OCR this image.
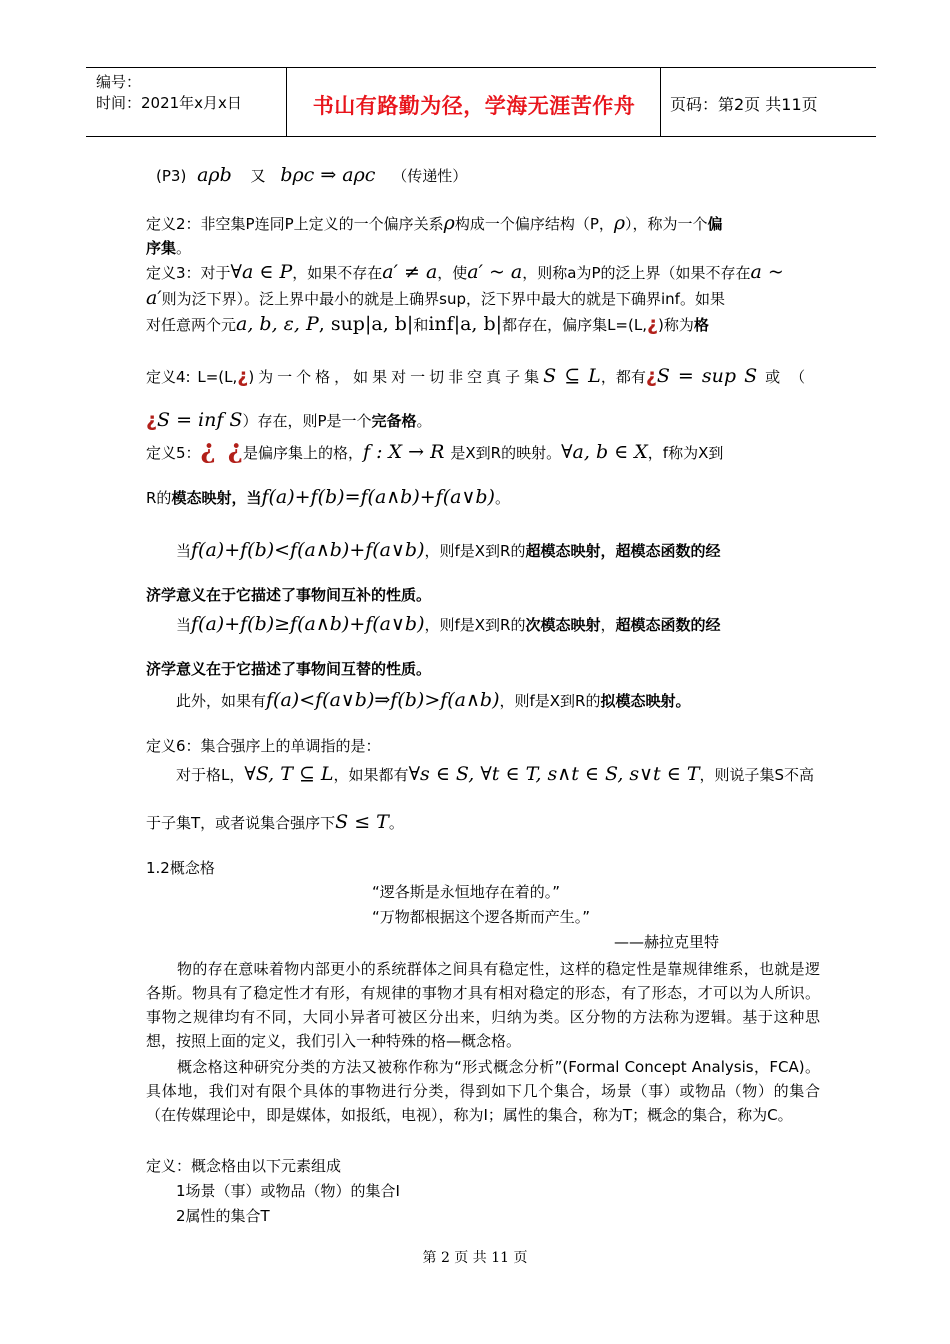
编号：
时间：2021年x月x日	书山有路勤为径，学海无涯苦作舟	页码：第2页 共11页
(P3) aρb 又 bρc ⇒ aρc （传递性）
定义2：非空集P连同P上定义的一个偏序关系ρ构成一个偏序结构（P，ρ），称为一个偏
序集。
定义3：对于∀a ∈ P，如果不存在a′ ≠ a，使a′ ~ a，则称a为P的泛上界（如果不存在a ~
a′则为泛下界）。泛上界中最小的就是上确界sup，泛下界中最大的就是下确界inf。如果
对任意两个元a, b, ε, P, sup|a, b|和inf|a, b|都存在，偏序集L=(L,¿)称为格
定义4: L=(L,¿)为一个格，如果对一切非空真子集S ⊆ L，都有¿S = sup S 或（
¿S = inf S）存在，则P是一个完备格。
定义5：¿ ¿是偏序集上的格，f : X → R 是X到R的映射。∀a, b ∈ X，f称为X到
R的模态映射，当f(a)+f(b)=f(a∧b)+f(a∨b)。
当f(a)+f(b)<f(a∧b)+f(a∨b)，则f是X到R的超模态映射，超模态函数的经
济学意义在于它描述了事物间互补的性质。
当f(a)+f(b)≥f(a∧b)+f(a∨b)，则f是X到R的次模态映射，超模态函数的经
济学意义在于它描述了事物间互替的性质。
此外，如果有f(a)<f(a∨b)⇒f(b)>f(a∧b)，则f是X到R的拟模态映射。
定义6：集合强序上的单调指的是：
对于格L，∀S, T ⊆ L，如果都有∀s ∈ S, ∀t ∈ T, s∧t ∈ S, s∨t ∈ T，则说子集S不高
于子集T，或者说集合强序下S ≤ T。
1.2概念格
“逻各斯是永恒地存在着的。”
“万物都根据这个逻各斯而产生。”
——赫拉克里特
物的存在意味着物内部更小的系统群体之间具有稳定性，这样的稳定性是靠规律维系，也就是逻各斯。物具有了稳定性才有形，有规律的事物才具有相对稳定的形态，有了形态，才可以为人所识。事物之规律均有不同，大同小异者可被区分出来，归纳为类。区分物的方法称为逻辑。基于这种思想，按照上面的定义，我们引入一种特殊的格—概念格。
概念格这种研究分类的方法又被称作称为“形式概念分析”(Formal Concept Analysis，FCA)。具体地，我们对有限个具体的事物进行分类，得到如下几个集合，场景（事）或物品（物）的集合（在传媒理论中，即是媒体，如报纸，电视），称为I；属性的集合，称为T；概念的集合，称为C。
定义：概念格由以下元素组成
1场景（事）或物品（物）的集合I
2属性的集合T
第 2 页 共 11 页
